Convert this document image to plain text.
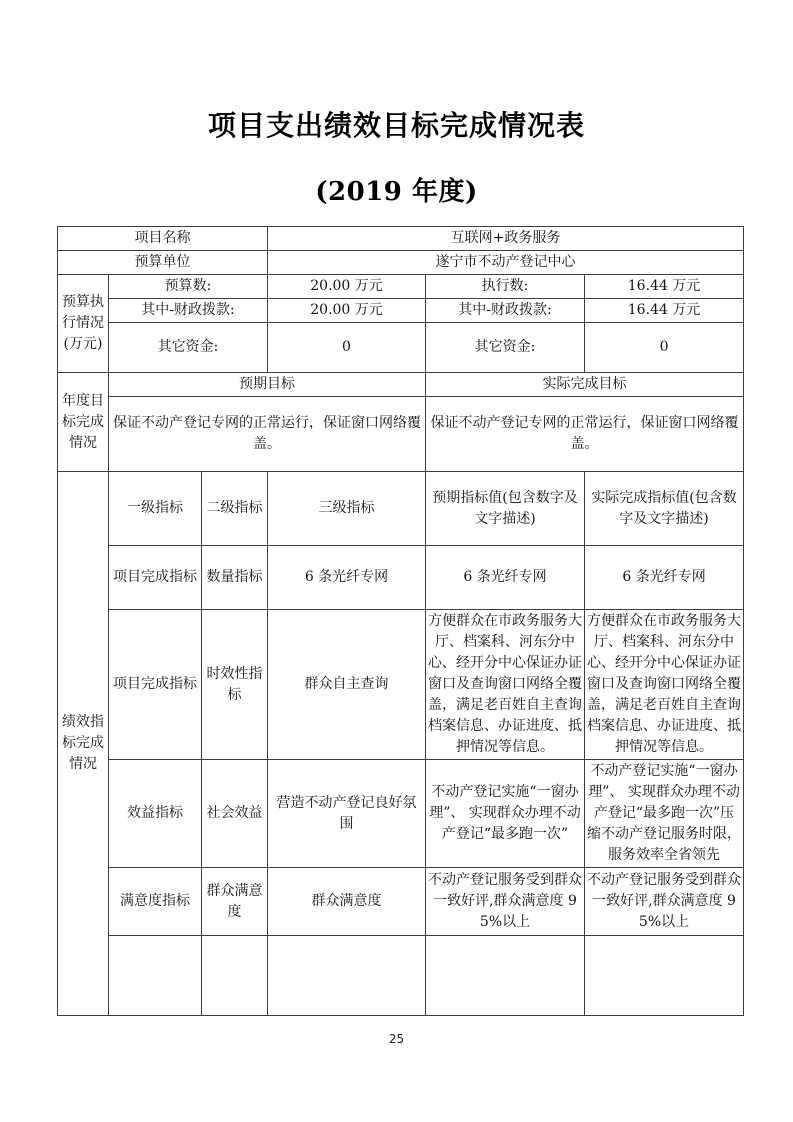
项目支出绩效目标完成情况表
(2019 年度)
项目名称			互联网+政务服务		
预算单位			遂宁市不动产登记中心		
预算执行情况(万元)	预算数:		20.00 万元	执行数:	16.44 万元
	其中-财政拨款:		20.00 万元	其中-财政拨款:	16.44 万元
	其它资金:		0	其它资金:	0
年度目标完成情况	预期目标			实际完成目标	
	保证不动产登记专网的正常运行，保证窗口网络覆盖。			保证不动产登记专网的正常运行，保证窗口网络覆盖。	
绩效指标完成情况	一级指标	二级指标	三级指标	预期指标值(包含数字及文字描述)	实际完成指标值(包含数字及文字描述)
	项目完成指标	数量指标	6 条光纤专网	6 条光纤专网	6 条光纤专网
	项目完成指标	时效性指标	群众自主查询	方便群众在市政务服务大厅、档案科、河东分中心、经开分中心保证办证窗口及查询窗口网络全覆盖，满足老百姓自主查询档案信息、办证进度、抵押情况等信息。	方便群众在市政务服务大厅、档案科、河东分中心、经开分中心保证办证窗口及查询窗口网络全覆盖，满足老百姓自主查询档案信息、办证进度、抵押情况等信息。
	效益指标	社会效益	营造不动产登记良好氛围	不动产登记实施“一窗办理”、 实现群众办理不动产登记“最多跑一次”	不动产登记实施“一窗办理”、 实现群众办理不动产登记“最多跑一次”压缩不动产登记服务时限，服务效率全省领先
	满意度指标	群众满意度	群众满意度	不动产登记服务受到群众一致好评,群众满意度 95%以上	不动产登记服务受到群众一致好评,群众满意度 95%以上

25
